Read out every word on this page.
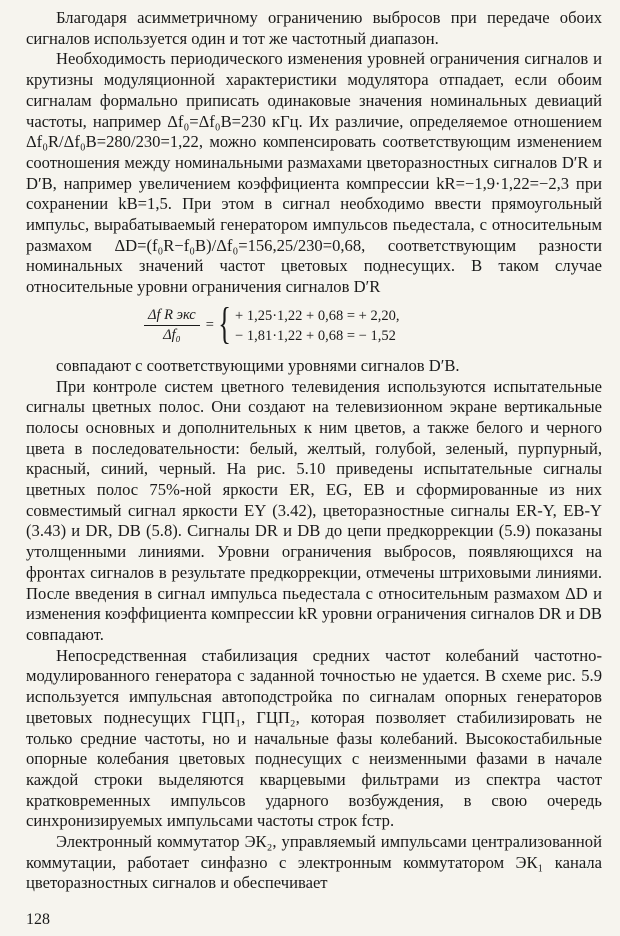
Благодаря асимметричному ограничению выбросов при передаче обоих сигналов используется один и тот же частотный диапазон.

Необходимость периодического изменения уровней ограничения сигналов и крутизны модуляционной характеристики модулятора отпадает, если обоим сигналам формально приписать одинаковые значения номинальных девиаций частоты, например Δf₀=Δf₀B=230 кГц. Их различие, определяемое отношением Δf₀R/Δf₀B=280/230=1,22, можно компенсировать соответствующим изменением соотношения между номинальными размахами цветоразностных сигналов D′R и D′B, например увеличением коэффициента компрессии kR=−1,9·1,22=−2,3 при сохранении kB=1,5. При этом в сигнал необходимо ввести прямоугольный импульс, вырабатываемый генератором импульсов пьедестала, с относительным размахом ΔD=(f₀R−f₀B)/Δf₀=156,25/230=0,68, соответствующим разности номинальных значений частот цветовых поднесущих. В таком случае относительные уровни ограничения сигналов D′R

$\frac{\text{Δf R экс}}{\text{Δf₀}}$ = { + 1,25·1,22 + 0,68 = + 2,20,
− 1,81·1,22 + 0,68 = − 1,52

совпадают с соответствующими уровнями сигналов D′B.

При контроле систем цветного телевидения используются испытательные сигналы цветных полос. Они создают на телевизионном экране вертикальные полосы основных и дополнительных к ним цветов, а также белого и черного цвета в последовательности: белый, желтый, голубой, зеленый, пурпурный, красный, синий, черный. На рис. 5.10 приведены испытательные сигналы цветных полос 75%-ной яркости ER, EG, EB и сформированные из них совместимый сигнал яркости EY (3.42), цветоразностные сигналы ER-Y, EB-Y (3.43) и DR, DB (5.8). Сигналы DR и DB до цепи предкоррекции (5.9) показаны утолщенными линиями. Уровни ограничения выбросов, появляющихся на фронтах сигналов в результате предкоррекции, отмечены штриховыми линиями. После введения в сигнал импульса пьедестала с относительным размахом ΔD и изменения коэффициента компрессии kR уровни ограничения сигналов DR и DB совпадают.

Непосредственная стабилизация средних частот колебаний частотно-модулированного генератора с заданной точностью не удается. В схеме рис. 5.9 используется импульсная автоподстройка по сигналам опорных генераторов цветовых поднесущих ГЦП₁, ГЦП₂, которая позволяет стабилизировать не только средние частоты, но и начальные фазы колебаний. Высокостабильные опорные колебания цветовых поднесущих с неизменными фазами в начале каждой строки выделяются кварцевыми фильтрами из спектра частот кратковременных импульсов ударного возбуждения, в свою очередь синхронизируемых импульсами частоты строк fстр.

Электронный коммутатор ЭК₂, управляемый импульсами централизованной коммутации, работает синфазно с электронным коммутатором ЭК₁ канала цветоразностных сигналов и обеспечивает

128
